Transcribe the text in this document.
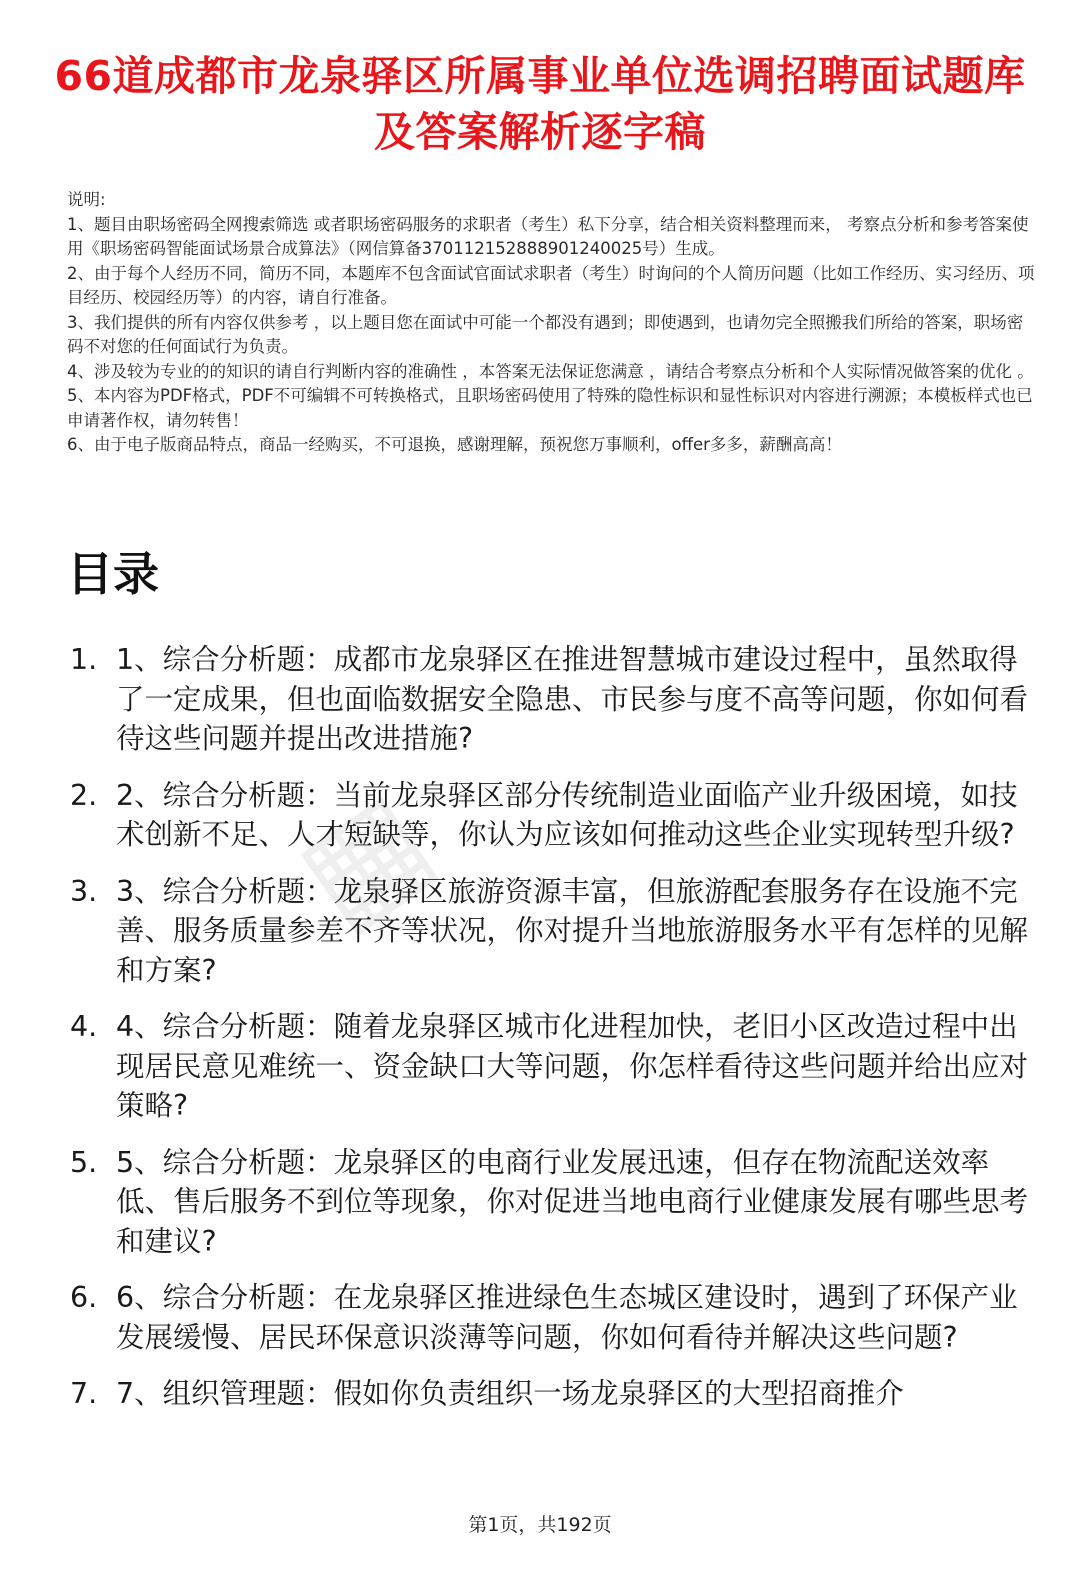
▦
66道成都市龙泉驿区所属事业单位选调招聘面试题库及答案解析逐字稿

说明:

1、题目由职场密码全网搜索筛选 或者职场密码服务的求职者（考生）私下分享，结合相关资料整理而来， 考察点分析和参考答案使用《职场密码智能面试场景合成算法》（网信算备370112152888901240025号）生成。

2、由于每个人经历不同，简历不同，本题库不包含面试官面试求职者（考生）时询问的个人简历问题（比如工作经历、实习经历、项目经历、校园经历等）的内容，请自行准备。

3、我们提供的所有内容仅供参考 ，以上题目您在面试中可能一个都没有遇到；即使遇到，也请勿完全照搬我们所给的答案，职场密码不对您的任何面试行为负责。

4、涉及较为专业的的知识的请自行判断内容的准确性 ，本答案无法保证您满意 ，请结合考察点分析和个人实际情况做答案的优化 。

5、本内容为PDF格式，PDF不可编辑不可转换格式，且职场密码使用了特殊的隐性标识和显性标识对内容进行溯源；本模板样式也已申请著作权，请勿转售！

6、由于电子版商品特点，商品一经购买，不可退换，感谢理解，预祝您万事顺利，offer多多，薪酬高高！

目录
1. 1、综合分析题：成都市龙泉驿区在推进智慧城市建设过程中，虽然取得了一定成果，但也面临数据安全隐患、市民参与度不高等问题，你如何看待这些问题并提出改进措施?
2. 2、综合分析题：当前龙泉驿区部分传统制造业面临产业升级困境，如技术创新不足、人才短缺等，你认为应该如何推动这些企业实现转型升级?
3. 3、综合分析题：龙泉驿区旅游资源丰富，但旅游配套服务存在设施不完善、服务质量参差不齐等状况，你对提升当地旅游服务水平有怎样的见解和方案?
4. 4、综合分析题：随着龙泉驿区城市化进程加快，老旧小区改造过程中出现居民意见难统一、资金缺口大等问题，你怎样看待这些问题并给出应对策略?
5. 5、综合分析题：龙泉驿区的电商行业发展迅速，但存在物流配送效率低、售后服务不到位等现象，你对促进当地电商行业健康发展有哪些思考和建议?
6. 6、综合分析题：在龙泉驿区推进绿色生态城区建设时，遇到了环保产业发展缓慢、居民环保意识淡薄等问题，你如何看待并解决这些问题?
7. 7、组织管理题：假如你负责组织一场龙泉驿区的大型招商推介
第1页，共192页
